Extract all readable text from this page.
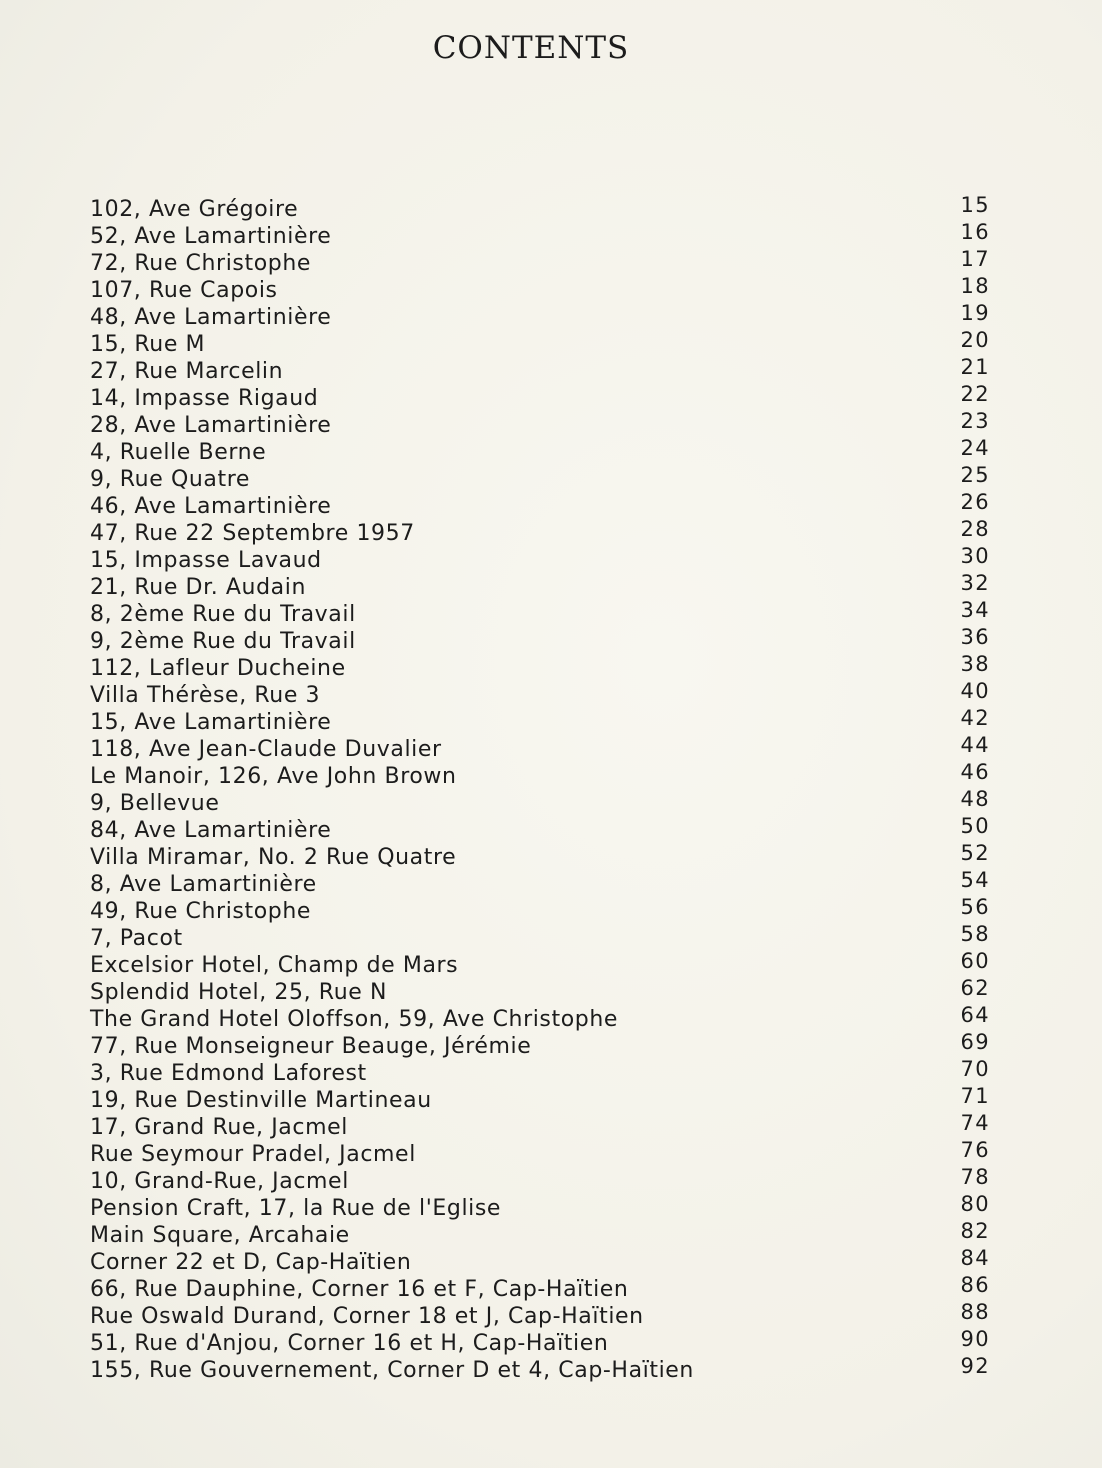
CONTENTS
102, Ave Grégoire	15
52, Ave Lamartinière	16
72, Rue Christophe	17
107, Rue Capois	18
48, Ave Lamartinière	19
15, Rue M	20
27, Rue Marcelin	21
14, Impasse Rigaud	22
28, Ave Lamartinière	23
4, Ruelle Berne	24
9, Rue Quatre	25
46, Ave Lamartinière	26
47, Rue 22 Septembre 1957	28
15, Impasse Lavaud	30
21, Rue Dr. Audain	32
8, 2ème Rue du Travail	34
9, 2ème Rue du Travail	36
112, Lafleur Ducheine	38
Villa Thérèse, Rue 3	40
15, Ave Lamartinière	42
118, Ave Jean-Claude Duvalier	44
Le Manoir, 126, Ave John Brown	46
9, Bellevue	48
84, Ave Lamartinière	50
Villa Miramar, No. 2 Rue Quatre	52
8, Ave Lamartinière	54
49, Rue Christophe	56
7, Pacot	58
Excelsior Hotel, Champ de Mars	60
Splendid Hotel, 25, Rue N	62
The Grand Hotel Oloffson, 59, Ave Christophe	64
77, Rue Monseigneur Beauge, Jérémie	69
3, Rue Edmond Laforest	70
19, Rue Destinville Martineau	71
17, Grand Rue, Jacmel	74
Rue Seymour Pradel, Jacmel	76
10, Grand-Rue, Jacmel	78
Pension Craft, 17, la Rue de l'Eglise	80
Main Square, Arcahaie	82
Corner 22 et D, Cap-Haïtien	84
66, Rue Dauphine, Corner 16 et F, Cap-Haïtien	86
Rue Oswald Durand, Corner 18 et J, Cap-Haïtien	88
51, Rue d'Anjou, Corner 16 et H, Cap-Haïtien	90
155, Rue Gouvernement, Corner D et 4, Cap-Haïtien	92
